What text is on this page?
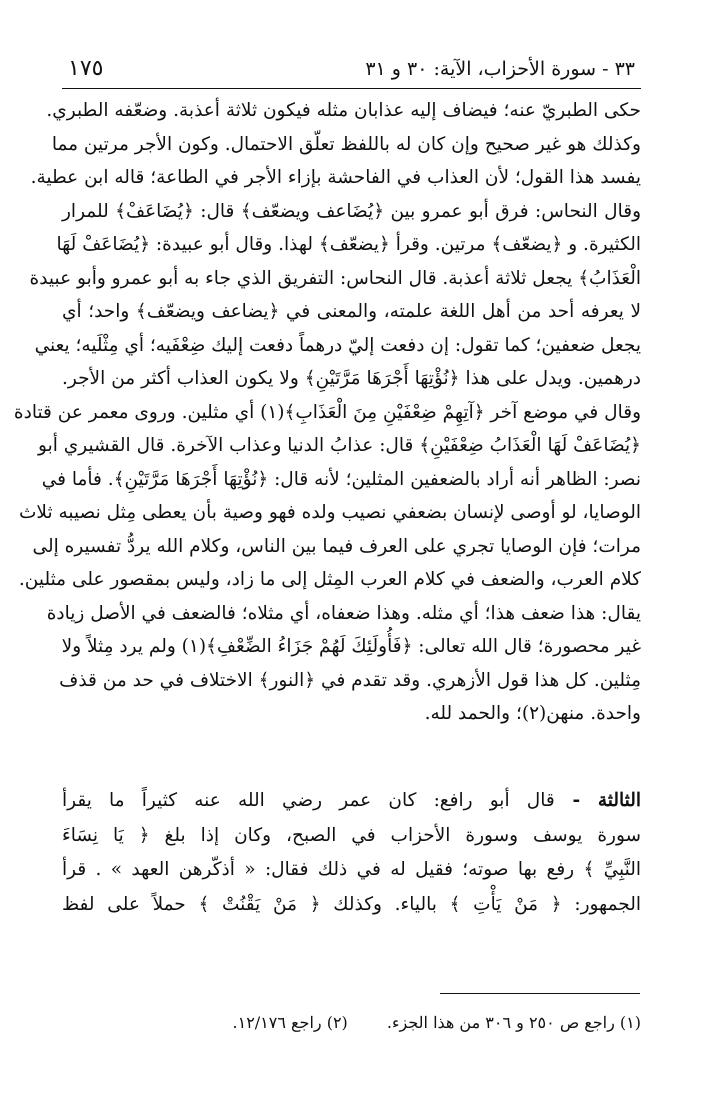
١٧٥	٣٣ - سورة الأحزاب، الآية: ٣٠ و ٣١
حكى الطبريّ عنه؛ فيضاف إليه عذابان مثله فيكون ثلاثة أعذبة. وضعّفه الطبري.
وكذلك هو غير صحيح وإن كان له باللفظ تعلّق الاحتمال. وكون الأجر مرتين مما
يفسد هذا القول؛ لأن العذاب في الفاحشة بإزاء الأجر في الطاعة؛ قاله ابن عطية.
وقال النحاس: فرق أبو عمرو بين ﴿يُضَاعف ويضعّف﴾ قال: ﴿يُضَاعَفْ﴾ للمرار
الكثيرة. و ﴿يضعّف﴾ مرتين. وقرأ ﴿يضعّف﴾ لهذا. وقال أبو عبيدة: ﴿يُضَاعَفْ لَهَا
الْعَذَابُ﴾ يجعل ثلاثة أعذبة. قال النحاس: التفريق الذي جاء به أبو عمرو وأبو عبيدة
لا يعرفه أحد من أهل اللغة علمته، والمعنى في ﴿يضاعف ويضعّف﴾ واحد؛ أي
يجعل ضعفين؛ كما تقول: إن دفعت إليّ درهماً دفعت إليك ضِعْفَيه؛ أي مِثْلَيه؛ يعني
درهمين. ويدل على هذا ﴿نُؤْتِهَا أَجْرَهَا مَرَّتَيْنِ﴾ ولا يكون العذاب أكثر من الأجر.
وقال في موضع آخر ﴿آتِهِمْ ضِعْفَيْنِ مِنَ الْعَذَابِ﴾(١) أي مثلين. وروى معمر عن قتادة
﴿يُضَاعَفْ لَهَا الْعَذَابُ ضِعْفَيْنِ﴾ قال: عذابُ الدنيا وعذاب الآخرة. قال القشيري أبو
نصر: الظاهر أنه أراد بالضعفين المثلين؛ لأنه قال: ﴿نُؤْتِهَا أَجْرَهَا مَرَّتَيْنِ﴾. فأما في
الوصايا، لو أوصى لإنسان بضعفي نصيب ولده فهو وصية بأن يعطى مِثل نصيبه ثلاث
مرات؛ فإن الوصايا تجري على العرف فيما بين الناس، وكلام الله يردُّ تفسيره إلى
كلام العرب، والضعف في كلام العرب المِثل إلى ما زاد، وليس بمقصور على مثلين.
يقال: هذا ضعف هذا؛ أي مثله. وهذا ضعفاه، أي مثلاه؛ فالضعف في الأصل زيادة
غير محصورة؛ قال الله تعالى: ﴿فَأُولَئِكَ لَهُمْ جَزَاءُ الضِّعْفِ﴾(١) ولم يرد مِثلاً ولا
مِثلين. كل هذا قول الأزهري. وقد تقدم في ﴿النور﴾ الاختلاف في حد من قذف
واحدة. منهن(٢)؛ والحمد لله.
الثالثة - قال أبو رافع: كان عمر رضي الله عنه كثيراً ما يقرأ
سورة يوسف وسورة الأحزاب في الصبح، وكان إذا بلغ ﴿ يَا نِسَاءَ
النَّبِيِّ ﴾ رفع بها صوته؛ فقيل له في ذلك فقال: « أذكّرهن العهد » . قرأ
الجمهور: ﴿ مَنْ يَأْتِ ﴾ بالياء. وكذلك ﴿ مَنْ يَقْنُتْ ﴾ حملاً على لفظ
(١) راجع ص ٢٥٠ و ٣٠٦ من هذا الجزء. (٢) راجع ١٢/١٧٦.
